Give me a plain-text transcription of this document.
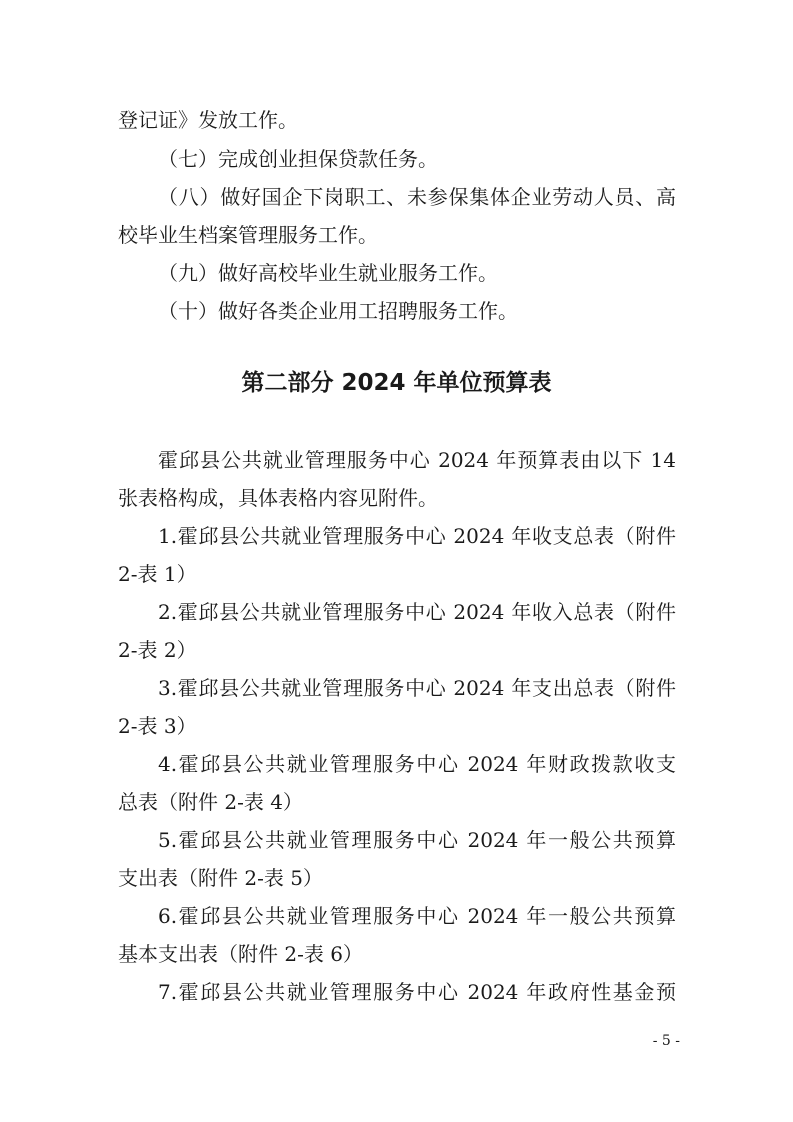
登记证》发放工作。
（七）完成创业担保贷款任务。
（八）做好国企下岗职工、未参保集体企业劳动人员、高
校毕业生档案管理服务工作。
（九）做好高校毕业生就业服务工作。
（十）做好各类企业用工招聘服务工作。
第二部分 2024 年单位预算表
霍邱县公共就业管理服务中心 2024 年预算表由以下 14
张表格构成，具体表格内容见附件。
1.霍邱县公共就业管理服务中心 2024 年收支总表（附件
2-表 1）
2.霍邱县公共就业管理服务中心 2024 年收入总表（附件
2-表 2）
3.霍邱县公共就业管理服务中心 2024 年支出总表（附件
2-表 3）
4.霍邱县公共就业管理服务中心 2024 年财政拨款收支
总表（附件 2-表 4）
5.霍邱县公共就业管理服务中心 2024 年一般公共预算
支出表（附件 2-表 5）
6.霍邱县公共就业管理服务中心 2024 年一般公共预算
基本支出表（附件 2-表 6）
7.霍邱县公共就业管理服务中心 2024 年政府性基金预
- 5 -
